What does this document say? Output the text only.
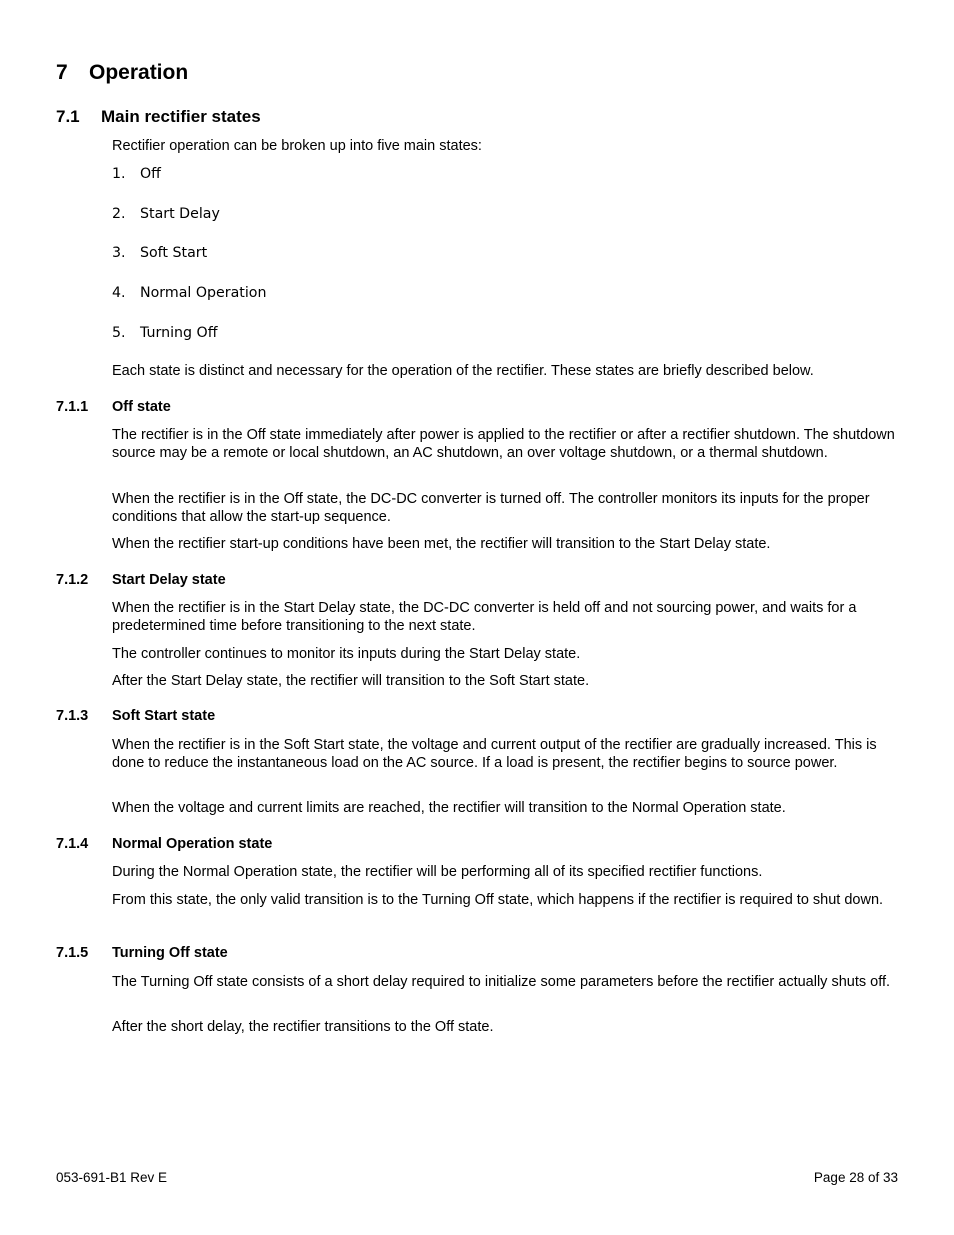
7 Operation
7.1 Main rectifier states
Rectifier operation can be broken up into five main states:
1. Off
2. Start Delay
3. Soft Start
4. Normal Operation
5. Turning Off
Each state is distinct and necessary for the operation of the rectifier. These states are briefly described below.
7.1.1 Off state
The rectifier is in the Off state immediately after power is applied to the rectifier or after a rectifier shutdown. The shutdown source may be a remote or local shutdown, an AC shutdown, an over voltage shutdown, or a thermal shutdown.
When the rectifier is in the Off state, the DC-DC converter is turned off. The controller monitors its inputs for the proper conditions that allow the start-up sequence.
When the rectifier start-up conditions have been met, the rectifier will transition to the Start Delay state.
7.1.2 Start Delay state
When the rectifier is in the Start Delay state, the DC-DC converter is held off and not sourcing power, and waits for a predetermined time before transitioning to the next state.
The controller continues to monitor its inputs during the Start Delay state.
After the Start Delay state, the rectifier will transition to the Soft Start state.
7.1.3 Soft Start state
When the rectifier is in the Soft Start state, the voltage and current output of the rectifier are gradually increased. This is done to reduce the instantaneous load on the AC source. If a load is present, the rectifier begins to source power.
When the voltage and current limits are reached, the rectifier will transition to the Normal Operation state.
7.1.4 Normal Operation state
During the Normal Operation state, the rectifier will be performing all of its specified rectifier functions.
From this state, the only valid transition is to the Turning Off state, which happens if the rectifier is required to shut down.
7.1.5 Turning Off state
The Turning Off state consists of a short delay required to initialize some parameters before the rectifier actually shuts off.
After the short delay, the rectifier transitions to the Off state.
053-691-B1 Rev E	Page 28 of 33
